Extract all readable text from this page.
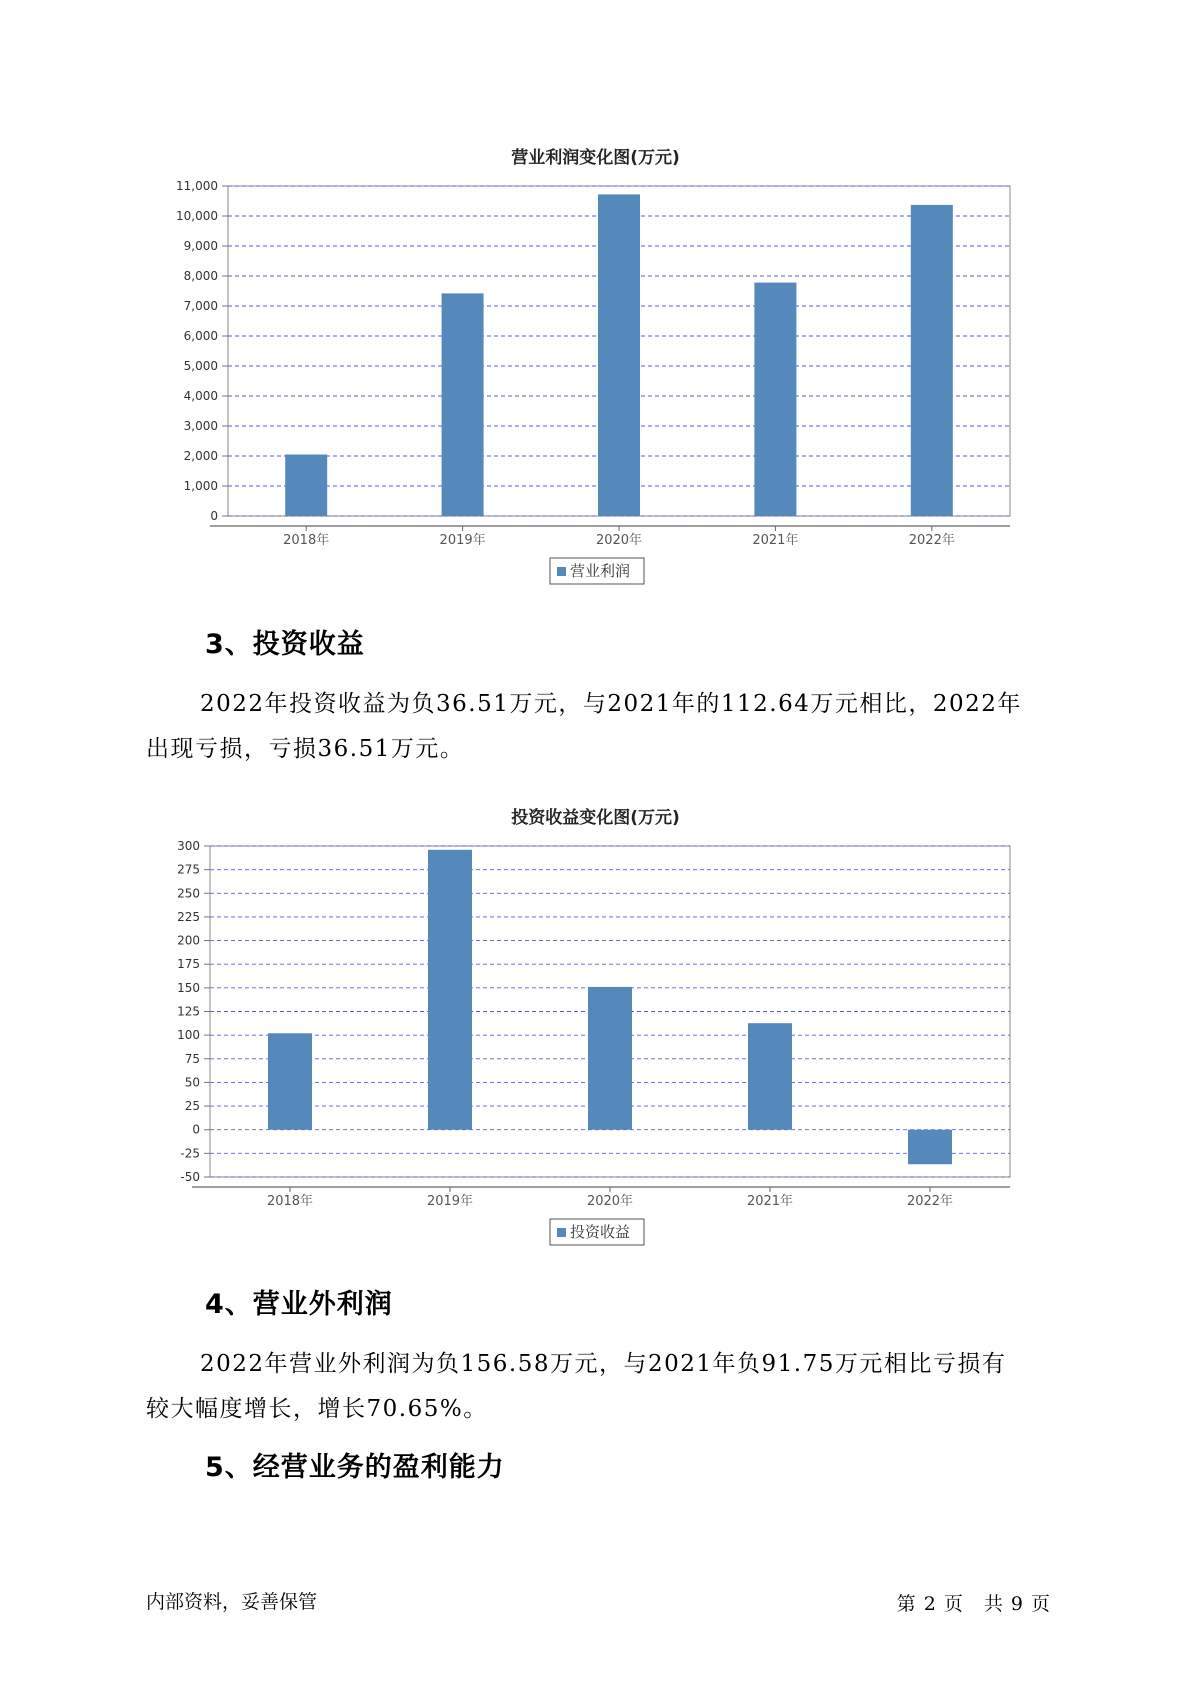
营业利润变化图(万元)
0
1,000
2,000
3,000
4,000
5,000
6,000
7,000
8,000
9,000
10,000
11,000
2018年	2019年	2020年	2021年	2022年
营业利润
3、投资收益
2022年投资收益为负36.51万元，与2021年的112.64万元相比，2022年
出现亏损，亏损36.51万元。
投资收益变化图(万元)
-50
-25
0
25
50
75
100
125
150
175
200
225
250
275
300
2018年	2019年	2020年	2021年	2022年
投资收益
4、营业外利润
2022年营业外利润为负156.58万元，与2021年负91.75万元相比亏损有
较大幅度增长，增长70.65%。
5、经营业务的盈利能力
内部资料，妥善保管	第 2 页　共 9 页
